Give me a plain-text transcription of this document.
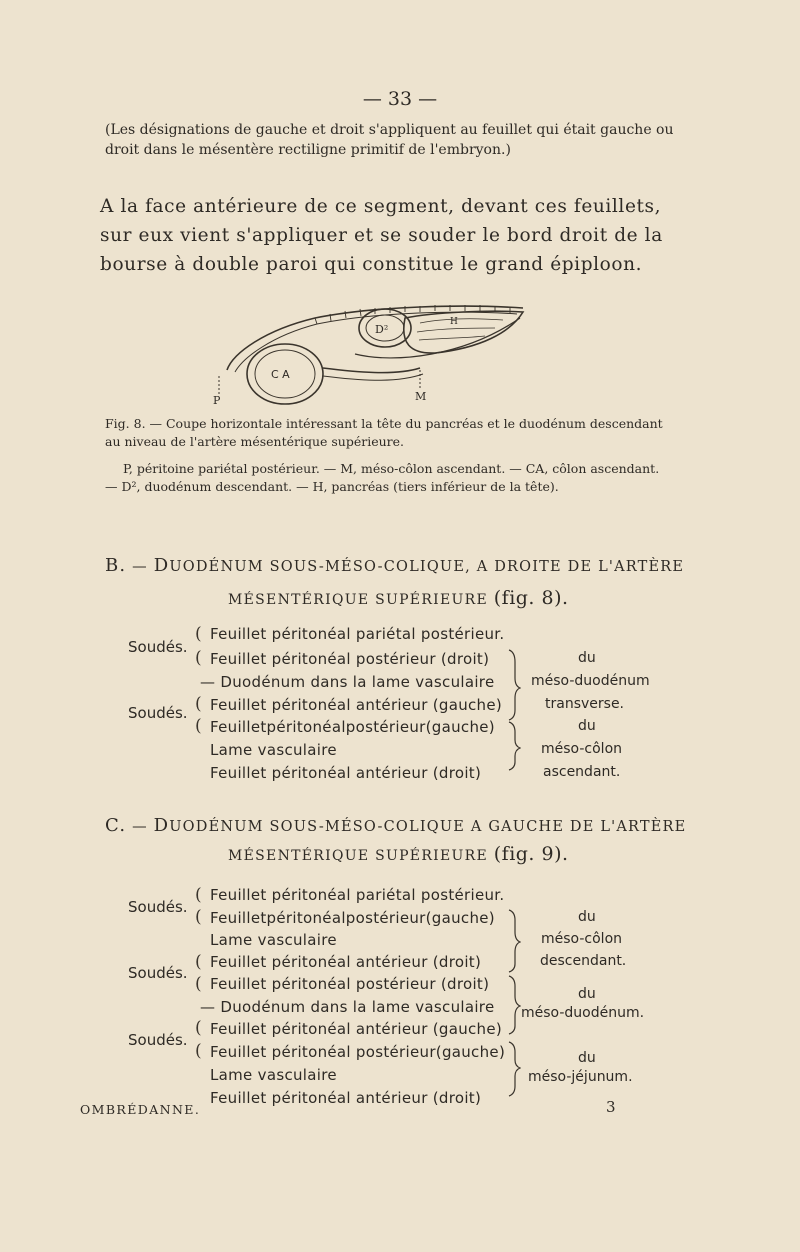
— 33 —

(Les désignations de gauche et droit s'appliquent au feuillet qui était gauche ou droit dans le mésentère rectiligne primitif de l'embryon.)

A la face antérieure de ce segment, devant ces feuillets, sur eux vient s'appliquer et se souder le bord droit de la bourse à double paroi qui constitue le grand épiploon.

P
C A
D²
H
M

Fig. 8. — Coupe horizontale intéressant la tête du pancréas et le duodénum descendant au niveau de l'artère mésentérique supérieure.

P, péritoine pariétal postérieur. — M, méso-côlon ascendant. — CA, côlon ascendant. — D², duodénum descendant. — H, pancréas (tiers inférieur de la tête).

B. — DUODÉNUM SOUS-MÉSO-COLIQUE, A DROITE DE L'ARTÈRE

MÉSENTÉRIQUE SUPÉRIEURE (fig. 8).

Soudés.
(
(
Feuillet péritonéal pariétal postérieur.
Feuillet péritonéal postérieur (droit)
— Duodénum dans la lame vasculaire
Soudés. (
(
Feuillet péritonéal antérieur (gauche)
Feuilletpéritonéalpostérieur(gauche)
Lame vasculaire
Feuillet péritonéal antérieur (droit)
du
méso-duodénum
transverse.
du
méso-côlon
ascendant.

C. — DUODÉNUM SOUS-MÉSO-COLIQUE A GAUCHE DE L'ARTÈRE

MÉSENTÉRIQUE SUPÉRIEURE (fig. 9).

Soudés.
(
(
Feuillet péritonéal pariétal postérieur.
Feuilletpéritonéalpostérieur(gauche)
Lame vasculaire
Soudés.
(
(
Feuillet péritonéal antérieur (droit)
Feuillet péritonéal postérieur (droit)
— Duodénum dans la lame vasculaire
Soudés.
(
(
Feuillet péritonéal antérieur (gauche)
Feuillet péritonéal postérieur(gauche)
Lame vasculaire
Feuillet péritonéal antérieur (droit)
du
méso-côlon
descendant.
du
méso-duodénum.
du
méso-jéjunum.
OMBRÉDANNE.	3
